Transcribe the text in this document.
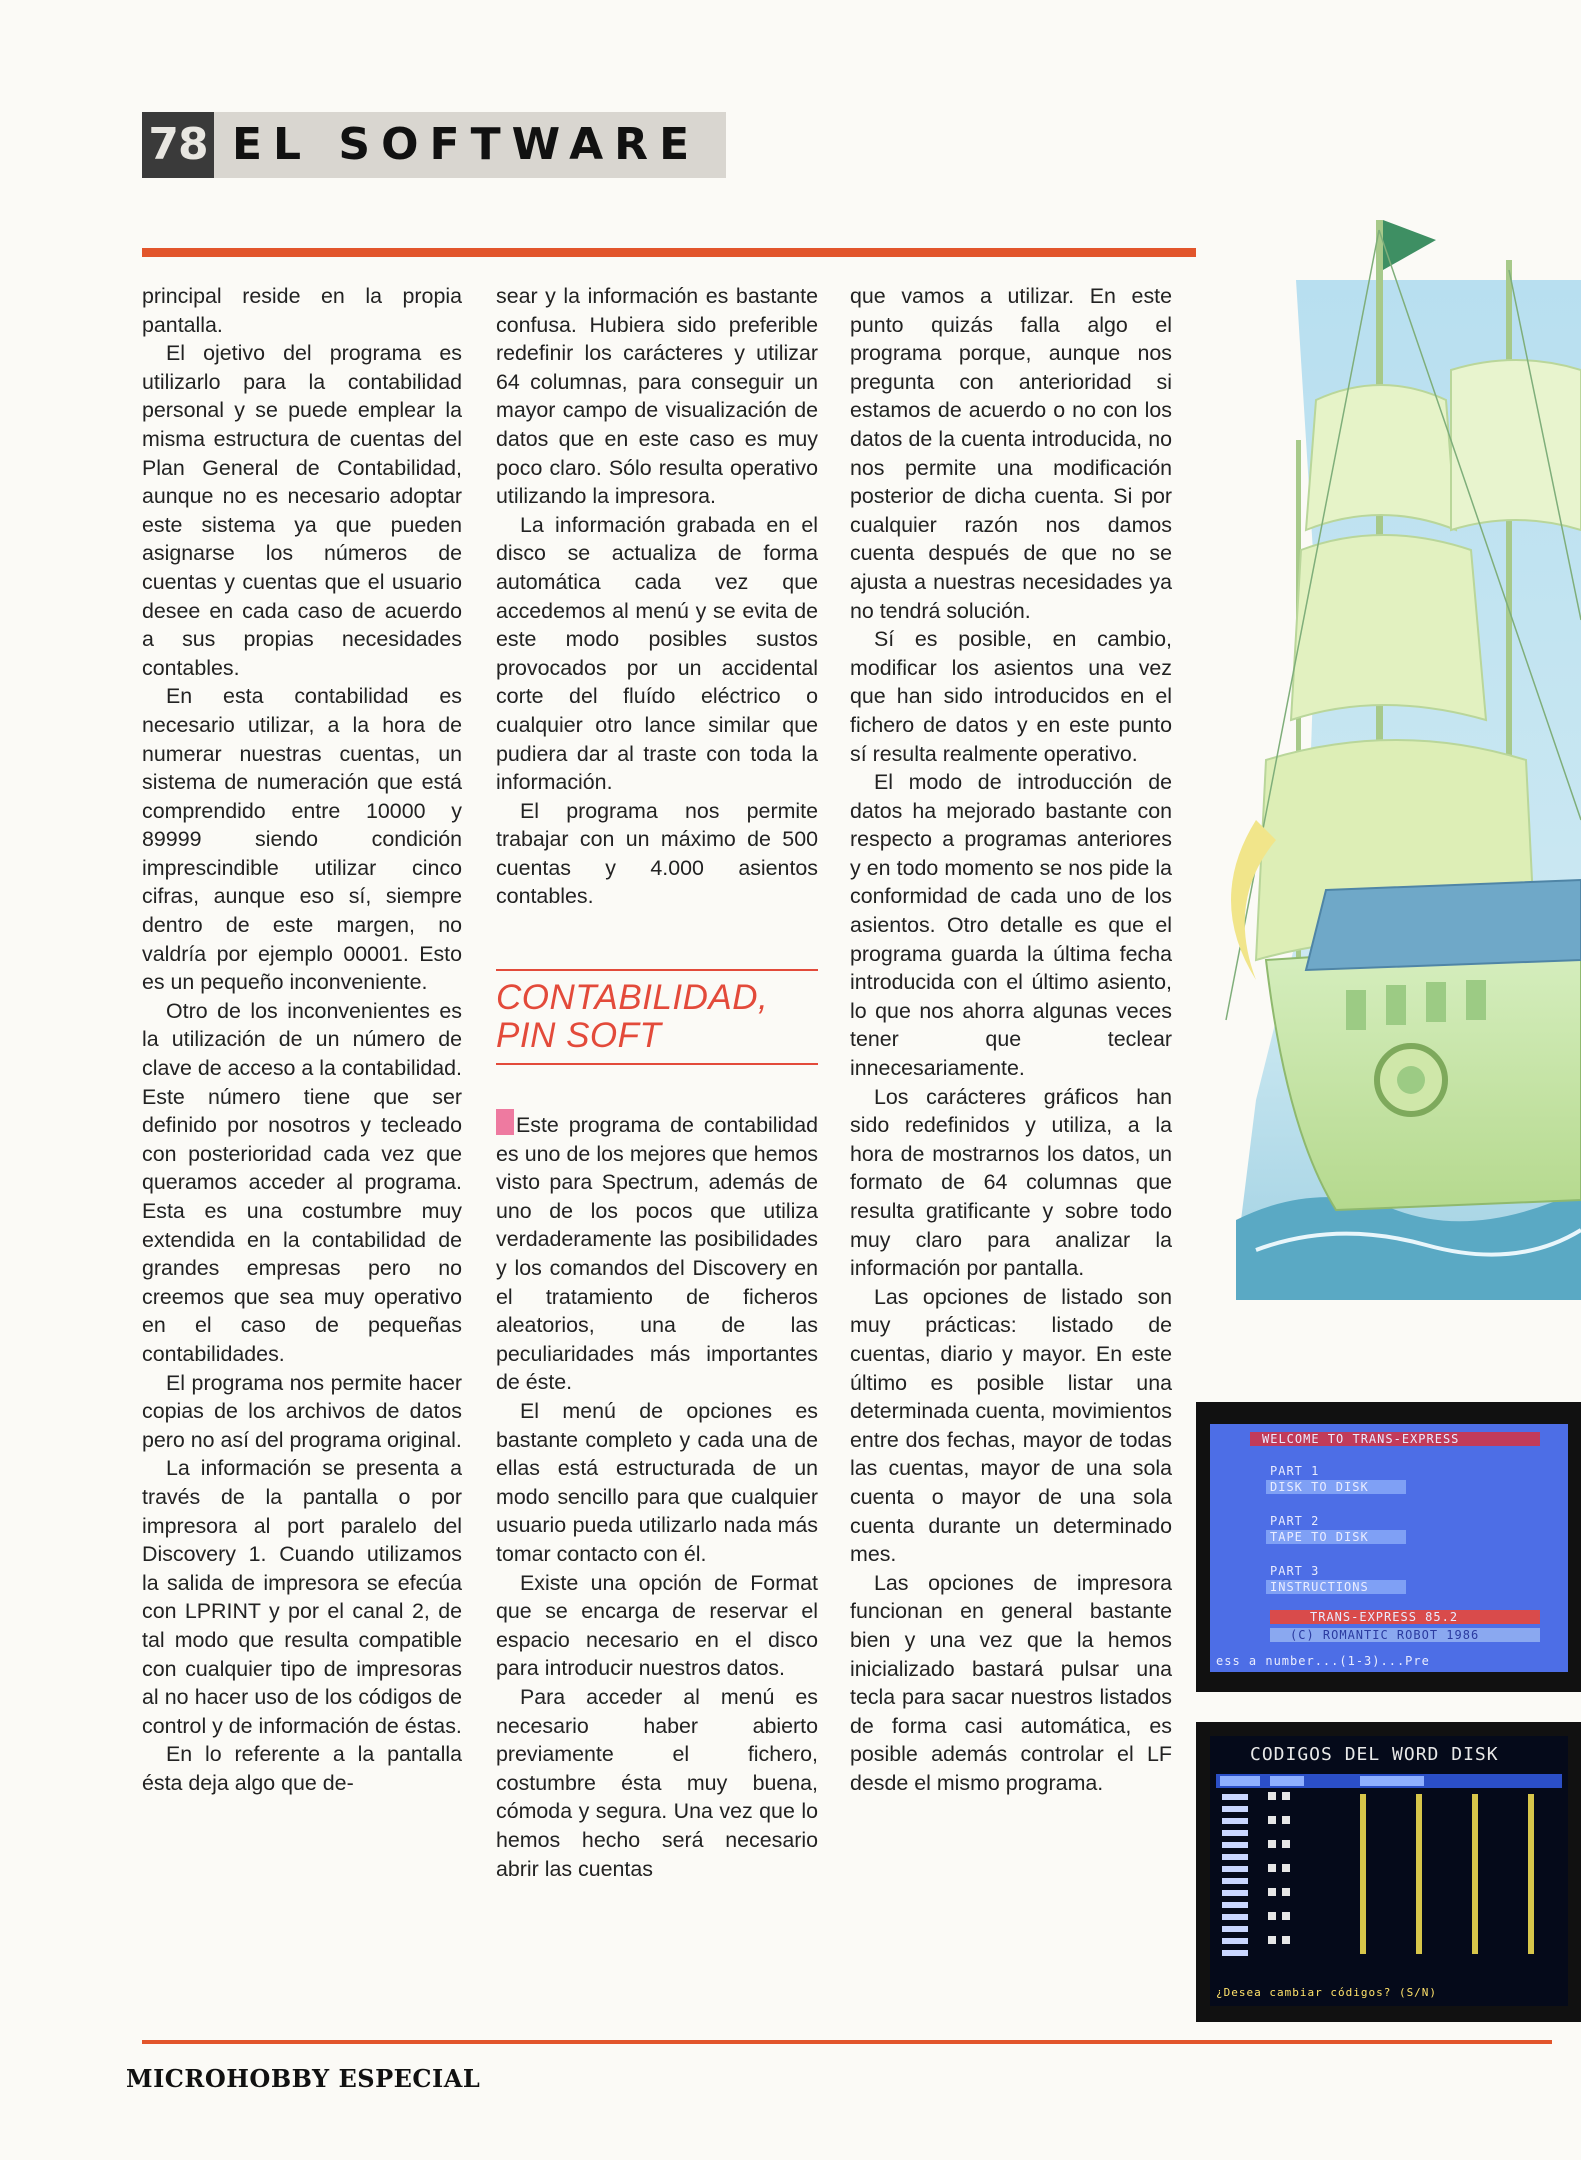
78 EL SOFTWARE

principal reside en la propia pantalla.

El ojetivo del programa es utilizarlo para la contabilidad personal y se puede emplear la misma estructura de cuentas del Plan General de Contabilidad, aunque no es necesario adoptar este sistema ya que pueden asignarse los números de cuentas y cuentas que el usuario desee en cada caso de acuerdo a sus propias necesidades contables.

En esta contabilidad es necesario utilizar, a la hora de numerar nuestras cuentas, un sistema de numeración que está comprendido entre 10000 y 89999 siendo condición imprescindible utilizar cinco cifras, aunque eso sí, siempre dentro de este margen, no valdría por ejemplo 00001. Esto es un pequeño inconveniente.

Otro de los inconvenientes es la utilización de un número de clave de acceso a la contabilidad. Este número tiene que ser definido por nosotros y tecleado con posterioridad cada vez que queramos acceder al programa. Esta es una costumbre muy extendida en la contabilidad de grandes empresas pero no creemos que sea muy operativo en el caso de pequeñas contabilidades.

El programa nos permite hacer copias de los archivos de datos pero no así del programa original.

La información se presenta a través de la pantalla o por impresora al port paralelo del Discovery 1. Cuando utilizamos la salida de impresora se efecúa con LPRINT y por el canal 2, de tal modo que resulta compatible con cualquier tipo de impresoras al no hacer uso de los códigos de control y de información de éstas.

En lo referente a la pantalla ésta deja algo que de-

sear y la información es bastante confusa. Hubiera sido preferible redefinir los carácteres y utilizar 64 columnas, para conseguir un mayor campo de visualización de datos que en este caso es muy poco claro. Sólo resulta operativo utilizando la impresora.

La información grabada en el disco se actualiza de forma automática cada vez que accedemos al menú y se evita de este modo posibles sustos provocados por un accidental corte del fluído eléctrico o cualquier otro lance similar que pudiera dar al traste con toda la información.

El programa nos permite trabajar con un máximo de 500 cuentas y 4.000 asientos contables.

CONTABILIDAD,
PIN SOFT

Este programa de contabilidad es uno de los mejores que hemos visto para Spectrum, además de uno de los pocos que utiliza verdaderamente las posibilidades y los comandos del Discovery en el tratamiento de ficheros aleatorios, una de las peculiaridades más importantes de éste.

El menú de opciones es bastante completo y cada una de ellas está estructurada de un modo sencillo para que cualquier usuario pueda utilizarlo nada más tomar contacto con él.

Existe una opción de Format que se encarga de reservar el espacio necesario en el disco para introducir nuestros datos.

Para acceder al menú es necesario haber abierto previamente el fichero, costumbre ésta muy buena, cómoda y segura. Una vez que lo hemos hecho será necesario abrir las cuentas

que vamos a utilizar. En este punto quizás falla algo el programa porque, aunque nos pregunta con anterioridad si estamos de acuerdo o no con los datos de la cuenta introducida, no nos permite una modificación posterior de dicha cuenta. Si por cualquier razón nos damos cuenta después de que no se ajusta a nuestras necesidades ya no tendrá solución.

Sí es posible, en cambio, modificar los asientos una vez que han sido introducidos en el fichero de datos y en este punto sí resulta realmente operativo.

El modo de introducción de datos ha mejorado bastante con respecto a programas anteriores y en todo momento se nos pide la conformidad de cada uno de los asientos. Otro detalle es que el programa guarda la última fecha introducida con el último asiento, lo que nos ahorra algunas veces tener que teclear innecesariamente.

Los carácteres gráficos han sido redefinidos y utiliza, a la hora de mostrarnos los datos, un formato de 64 columnas que resulta gratificante y sobre todo muy claro para analizar la información por pantalla.

Las opciones de listado son muy prácticas: listado de cuentas, diario y mayor. En este último es posible listar una determinada cuenta, movimientos entre dos fechas, mayor de todas las cuentas, mayor de una sola cuenta o mayor de una sola cuenta durante un determinado mes.

Las opciones de impresora funcionan en general bastante bien y una vez que la hemos inicializado bastará pulsar una tecla para sacar nuestros listados de forma casi automática, es posible además controlar el LF desde el mismo programa.

WELCOME TO TRANS-EXPRESS
PART 1
DISK TO DISK
PART 2
TAPE TO DISK
PART 3
INSTRUCTIONS
TRANS-EXPRESS 85.2
(C) ROMANTIC ROBOT 1986
ess a number...(1-3)...Pre
CODIGOS DEL WORD DISK
¿Desea cambiar códigos? (S/N)
MICROHOBBY ESPECIAL
